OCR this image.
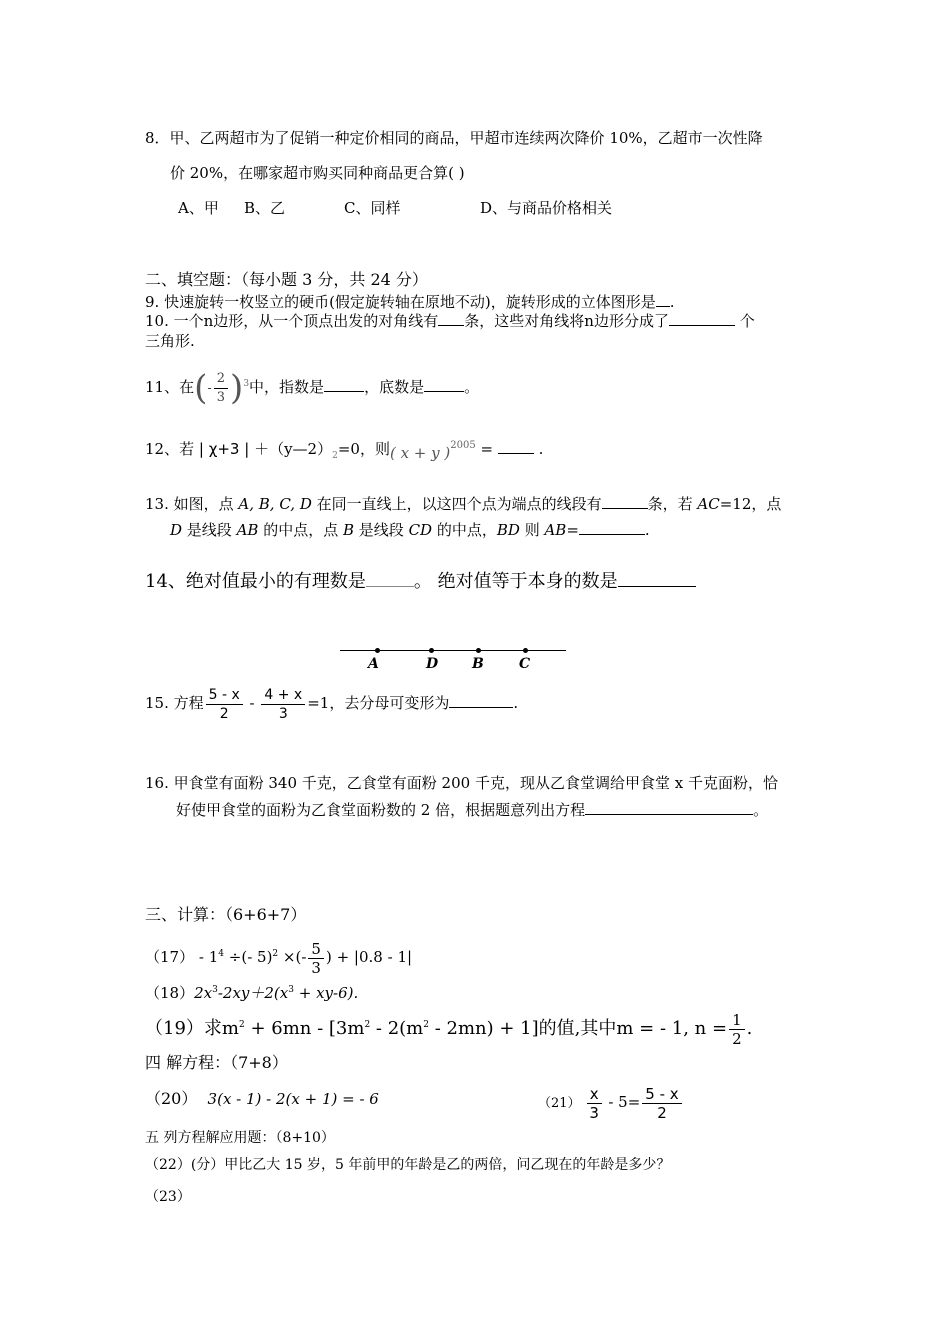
8．甲、乙两超市为了促销一种定价相同的商品，甲超市连续两次降价 10%，乙超市一次性降
价 20%，在哪家超市购买同种商品更合算( )
A、甲 B、乙	C、同样	D、与商品价格相关
二、填空题：（每小题 3 分，共 24 分）
9. 快速旋转一枚竖立的硬币(假定旋转轴在原地不动)，旋转形成的立体图形是 .
10. 一个n边形，从一个顶点出发的对角线有 条，这些对角线将n边形分成了	个
三角形.
11、在(- $\frac{2}{3} )^3$中，指数是	，底数是	。
12、若 | χ+3 | $+(y—2)_2=0$，则( x + y )$^{2005}$ =  .
13. 如图，点 A, B, C, D 在同一直线上，以这四个点为端点的线段有	条，若 AC=12，点
D 是线段 AB 的中点，点 B 是线段 CD 的中点，BD 则 AB=	.
14、绝对值最小的有理数是	。 绝对值等于本身的数是
A	D B	C
15. 方程 $\frac{5 - x}{2} - \frac{4 + x}{3} =1$，去分母可变形为	.
16. 甲食堂有面粉 340 千克，乙食堂有面粉 200 千克，现从乙食堂调给甲食堂 x 千克面粉，恰
好使甲食堂的面粉为乙食堂面粉数的 2 倍，根据题意列出方程	。
三、计算：（6+6+7）
$(17) - 1^4$ ÷(- 5)$^2$ ×(- $\frac{5}{3}$ ) + |0.8 - 1|
$(18)2x^3-2xy+2(x^3 + xy-6)$.
（19）求$m^2 + 6mn - [3m^2 - 2(m^2 - 2mn) + 1]$的值,其中m = - 1, $n = \frac{1}{2}$ .
四 解方程：（7+8）
（20） 3(x - 1) - 2(x + 1) = - 6	$(21) \frac{x}{3} - 5= \frac{5 - x}{2}$
五 列方程解应用题：（8+10）
（22）(分）甲比乙大 15 岁，5 年前甲的年龄是乙的两倍，问乙现在的年龄是多少？
（23）
